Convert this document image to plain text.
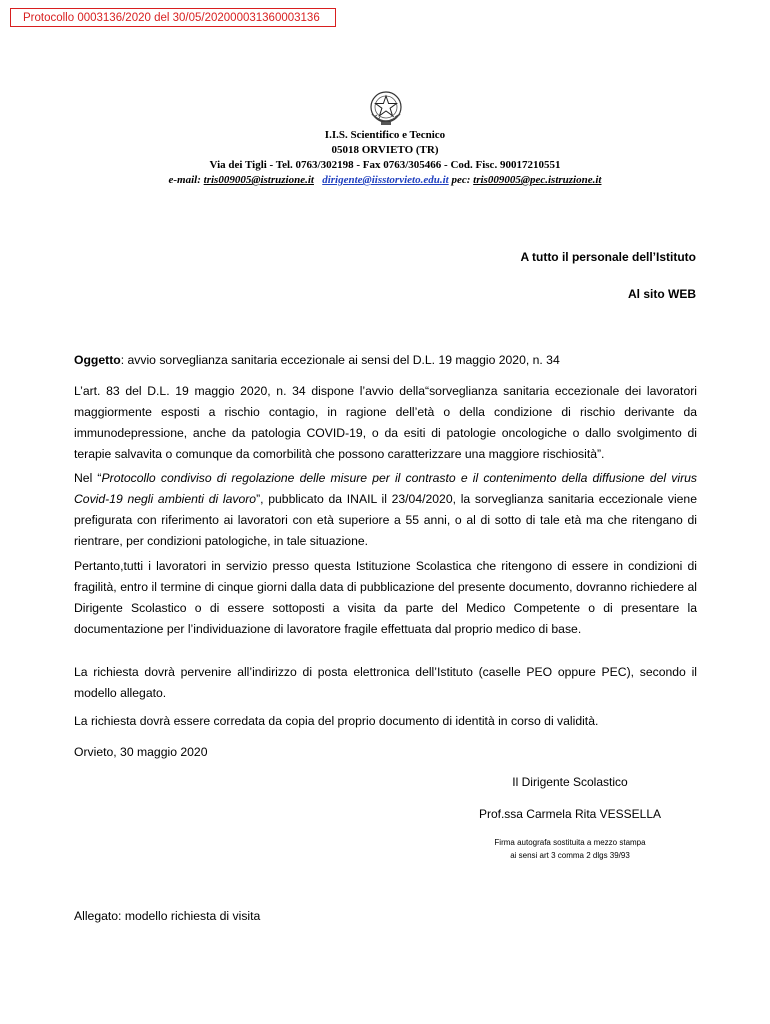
Protocollo 0003136/2020 del 30/05/202000031360003136
I.I.S. Scientifico e Tecnico
05018 ORVIETO (TR)
Via dei Tigli - Tel. 0763/302198 - Fax 0763/305466 - Cod. Fisc. 90017210551
e-mail: tris009005@istruzione.it dirigente@iisstorvieto.edu.it pec: tris009005@pec.istruzione.it
A tutto il personale dell’Istituto
Al sito WEB

Oggetto: avvio sorveglianza sanitaria eccezionale ai sensi del D.L. 19 maggio 2020, n. 34

L’art. 83 del D.L. 19 maggio 2020, n. 34 dispone l’avvio della“sorveglianza sanitaria eccezionale dei lavoratori maggiormente esposti a rischio contagio, in ragione dell’età o della condizione di rischio derivante da immunodepressione, anche da patologia COVID-19, o da esiti di patologie oncologiche o dallo svolgimento di terapie salvavita o comunque da comorbilità che possono caratterizzare una maggiore rischiosità”.

Nel “Protocollo condiviso di regolazione delle misure per il contrasto e il contenimento della diffusione del virus Covid-19 negli ambienti di lavoro”, pubblicato da INAIL il 23/04/2020, la sorveglianza sanitaria eccezionale viene prefigurata con riferimento ai lavoratori con età superiore a 55 anni, o al di sotto di tale età ma che ritengano di rientrare, per condizioni patologiche, in tale situazione.

Pertanto,tutti i lavoratori in servizio presso questa Istituzione Scolastica che ritengono di essere in condizioni di fragilità, entro il termine di cinque giorni dalla data di pubblicazione del presente documento, dovranno richiedere al Dirigente Scolastico o di essere sottoposti a visita da parte del Medico Competente o di presentare la documentazione per l’individuazione di lavoratore fragile effettuata dal proprio medico di base.

La richiesta dovrà pervenire all’indirizzo di posta elettronica dell’Istituto (caselle PEO oppure PEC), secondo il modello allegato.

La richiesta dovrà essere corredata da copia del proprio documento di identità in corso di validità.

Orvieto, 30 maggio 2020

Il Dirigente Scolastico
Prof.ssa Carmela Rita VESSELLA
Firma autografa sostituita a mezzo stampa
ai sensi art 3 comma 2 dlgs 39/93

Allegato: modello richiesta di visita
